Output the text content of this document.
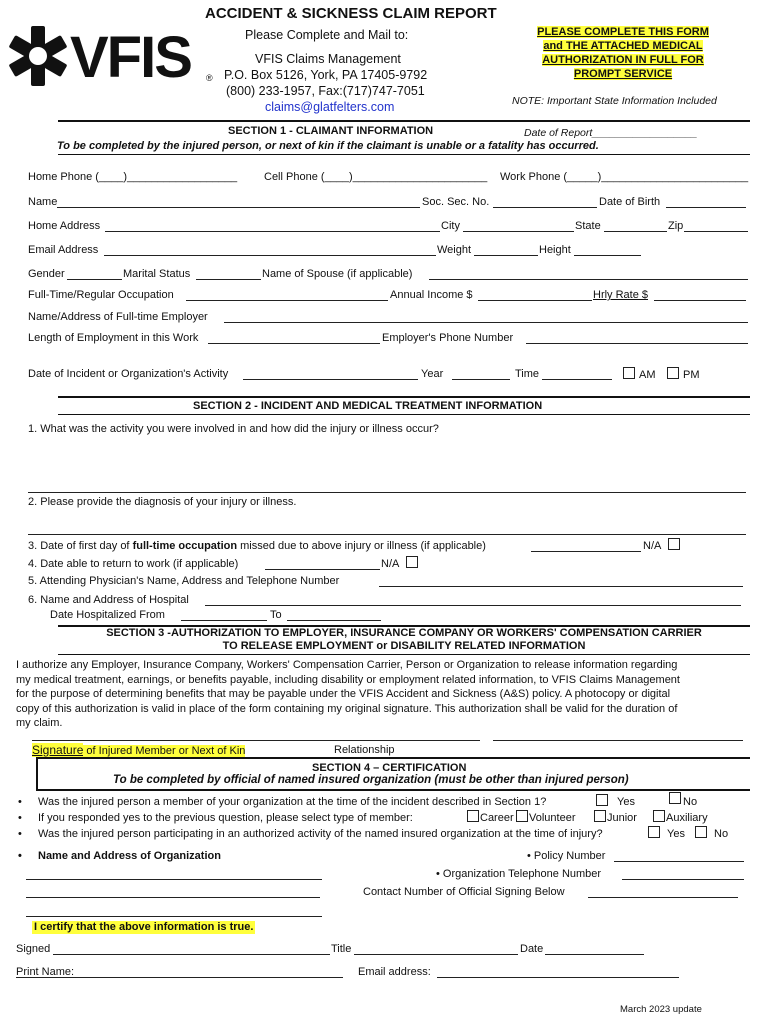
VFIS ®
ACCIDENT & SICKNESS CLAIM REPORT
Please Complete and Mail to:
VFIS Claims Management
P.O. Box 5126, York, PA 17405-9792
(800) 233-1957, Fax:(717)747-7051
claims@glatfelters.com
PLEASE COMPLETE THIS FORM
and THE ATTACHED MEDICAL
AUTHORIZATION IN FULL FOR
PROMPT SERVICE
NOTE: Important State Information Included
SECTION 1 - CLAIMANT INFORMATION	Date of Report__________________
To be completed by the injured person, or next of kin if the claimant is unable or a fatality has occurred.
Home Phone (____)__________________ Cell Phone (____)______________________ Work Phone (_____)________________________
Name	Soc. Sec. No.	Date of Birth
Home Address	City	State	Zip
Email Address	Weight	Height
Gender	Marital Status	Name of Spouse (if applicable)
Full-Time/Regular Occupation	Annual Income $	Hrly Rate $
Name/Address of Full-time Employer
Length of Employment in this Work	Employer's Phone Number
Date of Incident or Organization's Activity	Year	Time	AM	PM
SECTION 2 - INCIDENT AND MEDICAL TREATMENT INFORMATION
1. What was the activity you were involved in and how did the injury or illness occur?
2. Please provide the diagnosis of your injury or illness.
3. Date of first day of full-time occupation missed due to above injury or illness (if applicable)	N/A
4. Date able to return to work (if applicable)	N/A
5. Attending Physician's Name, Address and Telephone Number
6. Name and Address of Hospital
Date Hospitalized From	To
SECTION 3 -AUTHORIZATION TO EMPLOYER, INSURANCE COMPANY OR WORKERS' COMPENSATION CARRIER
TO RELEASE EMPLOYMENT or DISABILITY RELATED INFORMATION
I authorize any Employer, Insurance Company, Workers' Compensation Carrier, Person or Organization to release information regarding
my medical treatment, earnings, or benefits payable, including disability or employment related information, to VFIS Claims Management
for the purpose of determining benefits that may be payable under the VFIS Accident and Sickness (A&S) policy. A photocopy or digital
copy of this authorization is valid in place of the form containing my original signature. This authorization shall be valid for the duration of
my claim.
Signature of Injured Member or Next of Kin	Relationship
SECTION 4 – CERTIFICATION
To be completed by official of named insured organization (must be other than injured person)
• Was the injured person a member of your organization at the time of the incident described in Section 1?	Yes	No
• If you responded yes to the previous question, please select type of member:	Career Volunteer	Junior	Auxiliary
• Was the injured person participating in an authorized activity of the named insured organization at the time of injury?	Yes	No
• Name and Address of Organization	• Policy Number
• Organization Telephone Number
Contact Number of Official Signing Below
I certify that the above information is true.
Signed	Title	Date
Print Name:	Email address:
March 2023 update
